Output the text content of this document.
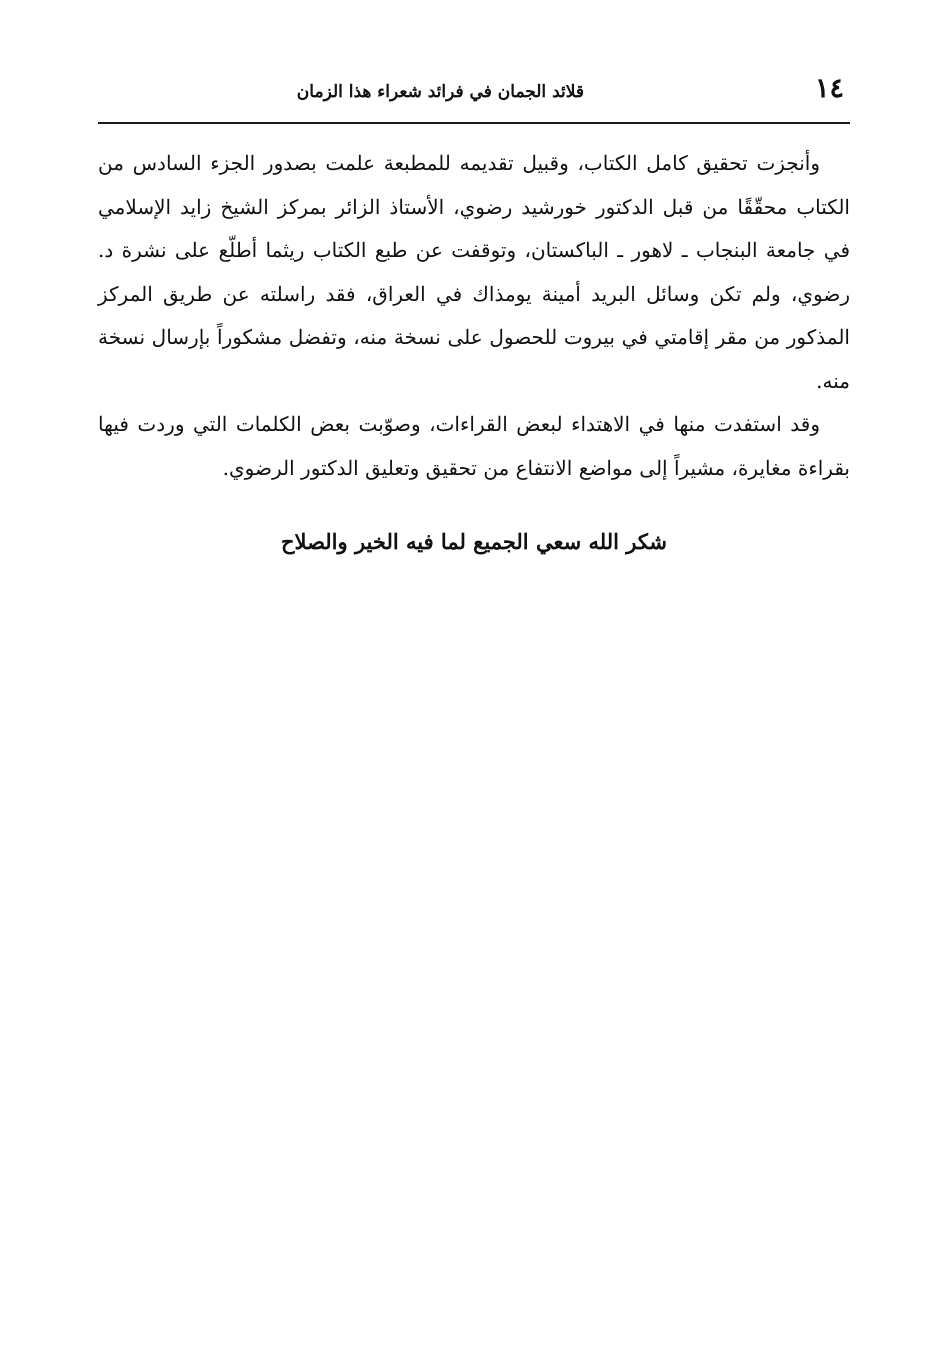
١٤
قلائد الجمان في فرائد شعراء هذا الزمان

وأنجزت تحقيق كامل الكتاب، وقبيل تقديمه للمطبعة علمت بصدور الجزء السادس من الكتاب محقّقًا من قبل الدكتور خورشيد رضوي، الأستاذ الزائر بمركز الشيخ زايد الإسلامي في جامعة البنجاب ـ لاهور ـ الباكستان، وتوقفت عن طبع الكتاب ريثما أطلّع على نشرة د. رضوي، ولم تكن وسائل البريد أمينة يومذاك في العراق، فقد راسلته عن طريق المركز المذكور من مقر إقامتي في بيروت للحصول على نسخة منه، وتفضل مشكوراً بإرسال نسخة منه.

وقد استفدت منها في الاهتداء لبعض القراءات، وصوّبت بعض الكلمات التي وردت فيها بقراءة مغايرة، مشيراً إلى مواضع الانتفاع من تحقيق وتعليق الدكتور الرضوي.

شكر الله سعي الجميع لما فيه الخير والصلاح
